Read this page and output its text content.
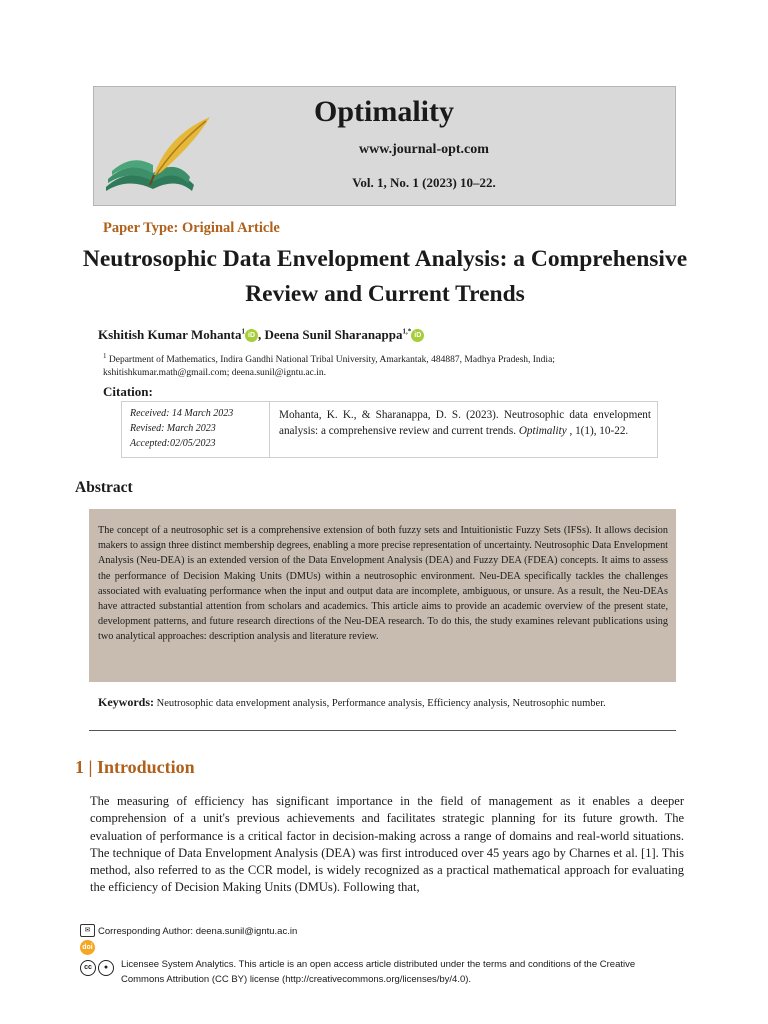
Optimality
www.journal-opt.com
Vol. 1, No. 1 (2023) 10–22.
Paper Type: Original Article
Neutrosophic Data Envelopment Analysis: a Comprehensive Review and Current Trends
Kshitish Kumar Mohanta$^1$ iD , Deena Sunil Sharanappa$^{1,*}$ iD
$^1$ Department of Mathematics, Indira Gandhi National Tribal University, Amarkantak, 484887, Madhya Pradesh, India;
kshitishkumar.math@gmail.com; deena.sunil@igntu.ac.in.
Citation:
Received: 14 March 2023
Revised: March 2023
Accepted:02/05/2023
Mohanta, K. K., & Sharanappa, D. S. (2023). Neutrosophic data envelopment analysis: a comprehensive review and current trends. Optimality , 1(1), 10-22.
Abstract
The concept of a neutrosophic set is a comprehensive extension of both fuzzy sets and Intuitionistic Fuzzy Sets (IFSs). It allows decision makers to assign three distinct membership degrees, enabling a more precise representation of uncertainty. Neutrosophic Data Envelopment Analysis (Neu-DEA) is an extended version of the Data Envelopment Analysis (DEA) and Fuzzy DEA (FDEA) concepts. It aims to assess the performance of Decision Making Units (DMUs) within a neutrosophic environment. Neu-DEA specifically tackles the challenges associated with evaluating performance when the input and output data are incomplete, ambiguous, or unsure. As a result, the Neu-DEAs have attracted substantial attention from scholars and academics. This article aims to provide an academic overview of the present state, development patterns, and future research directions of the Neu-DEA research. To do this, the study examines relevant publications using two analytical approaches: description analysis and literature review.
Keywords: Neutrosophic data envelopment analysis, Performance analysis, Efficiency analysis, Neutrosophic number.
1 | Introduction
The measuring of efficiency has significant importance in the field of management as it enables a deeper comprehension of a unit's previous achievements and facilitates strategic planning for its future growth. The evaluation of performance is a critical factor in decision-making across a range of domains and real-world situations. The technique of Data Envelopment Analysis (DEA) was first introduced over 45 years ago by Charnes et al. [1]. This method, also referred to as the CCR model, is widely recognized as a practical mathematical approach for evaluating the efficiency of Decision Making Units (DMUs). Following that,
✉ Corresponding Author: deena.sunil@igntu.ac.in
doi
cc	●	Licensee System Analytics. This article is an open access article distributed under the terms and conditions of the Creative Commons Attribution (CC BY) license (http://creativecommons.org/licenses/by/4.0).
